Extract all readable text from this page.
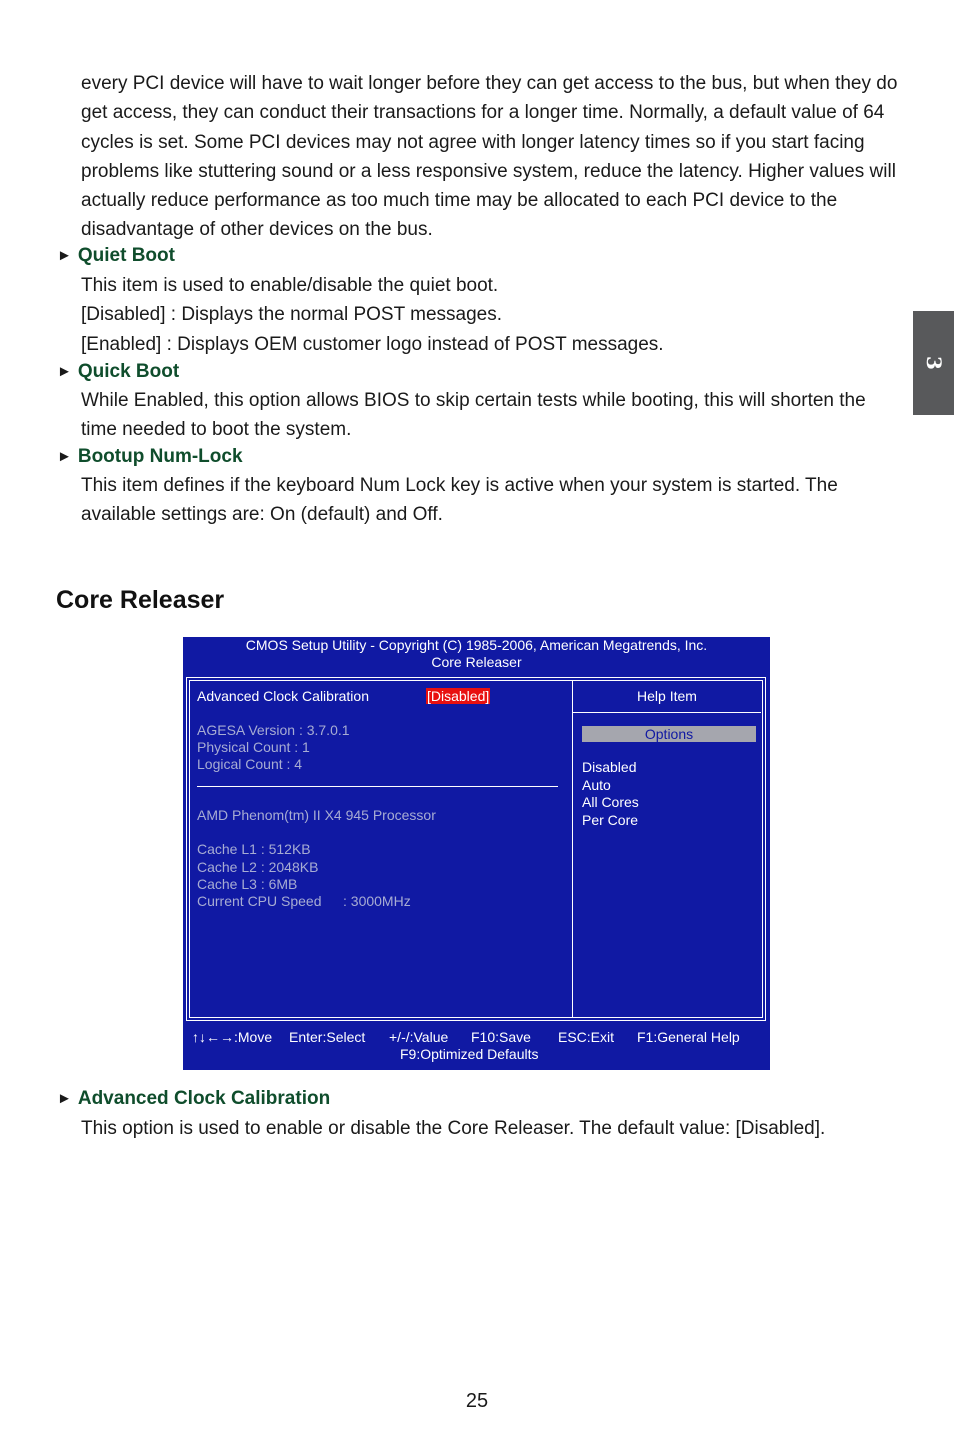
every PCI device will have to wait longer before they can get access to the bus, but when they do get access, they can conduct their transactions for a longer time. Normally, a default value of 64 cycles is set. Some PCI devices may not agree with longer latency times so if you start facing problems like stuttering sound or a less responsive system, reduce the latency. Higher values will actually reduce performance as too much time may be allocated to each PCI device to the disadvantage of other devices on the bus.

► Quiet Boot
This item is used to enable/disable the quiet boot.
[Disabled] : Displays the normal POST messages.
[Enabled] : Displays OEM customer logo instead of POST messages.
► Quick Boot

While Enabled, this option allows BIOS to skip certain tests while booting, this will shorten the time needed to boot the system.

► Bootup Num-Lock

This item defines if the keyboard Num Lock key is active when your system is started. The available settings are: On (default) and Off.

3
Core Releaser
CMOS Setup Utility - Copyright (C) 1985-2006, American Megatrends, Inc.
Core Releaser
Advanced Clock Calibration	[Disabled]
AGESA Version : 3.7.0.1
Physical Count : 1
Logical Count : 4
AMD Phenom(tm) II X4 945 Processor
Cache L1 : 512KB
Cache L2 : 2048KB
Cache L3 : 6MB
Current CPU Speed : 3000MHz
Help Item
Options
Disabled
Auto
All Cores
Per Core
↑↓←→:Move Enter:Select +/-/:Value F10:Save ESC:Exit F1:General Help
F9:Optimized Defaults
► Advanced Clock Calibration
This option is used to enable or disable the Core Releaser. The default value: [Disabled].
25
